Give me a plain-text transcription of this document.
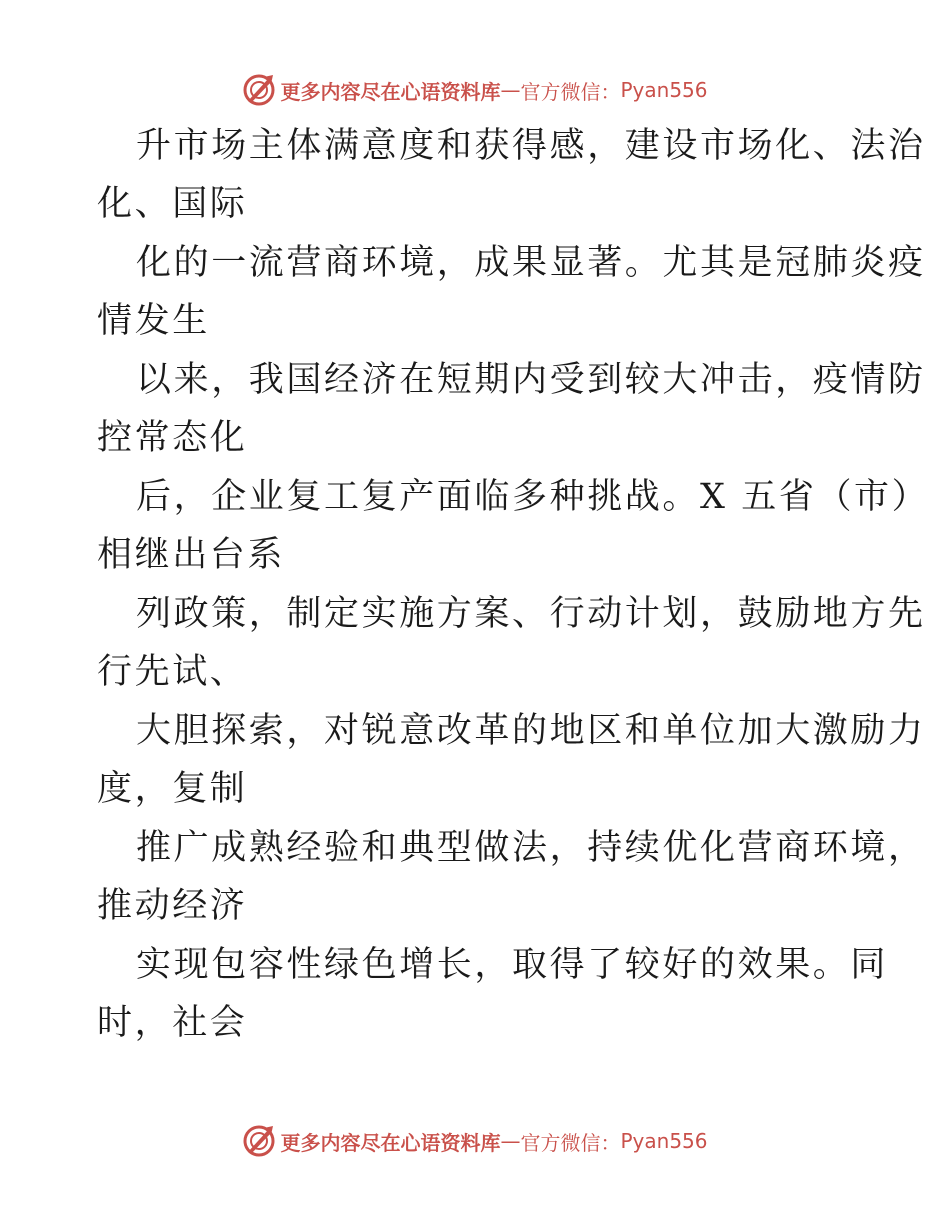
更多内容尽在心语资料库 — 官方微信： Pyan556
升市场主体满意度和获得感，建设市场化、法治
化、国际
化的一流营商环境，成果显著。尤其是冠肺炎疫
情发生
以来，我国经济在短期内受到较大冲击，疫情防
控常态化
后，企业复工复产面临多种挑战。X 五省（市）
相继出台系
列政策，制定实施方案、行动计划，鼓励地方先
行先试、
大胆探索，对锐意改革的地区和单位加大激励力
度，复制
推广成熟经验和典型做法，持续优化营商环境，
推动经济
实现包容性绿色增长，取得了较好的效果。同
时，社会
更多内容尽在心语资料库 — 官方微信： Pyan556
